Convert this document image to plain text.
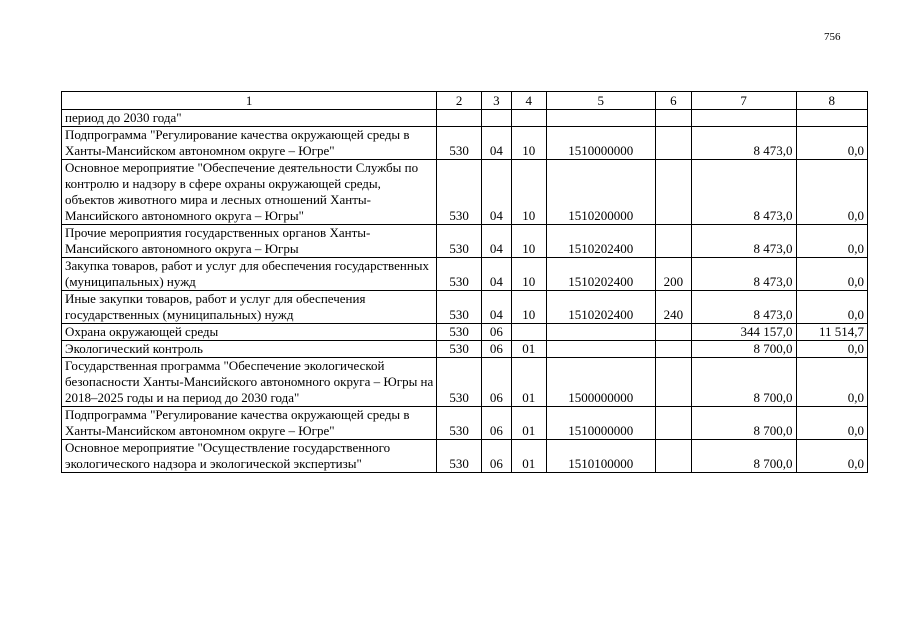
756
1	2	3	4	5	6	7	8
период до 2030 года"							
Подпрограмма "Регулирование качества окружающей среды в Ханты-Мансийском автономном округе – Югре"	530	04	10	1510000000		8 473,0	0,0
Основное мероприятие "Обеспечение деятельности Службы по контролю и надзору в сфере охраны окружающей среды, объектов животного мира и лесных отношений Ханты-Мансийского автономного округа – Югры"	530	04	10	1510200000		8 473,0	0,0
Прочие мероприятия государственных органов Ханты-Мансийского автономного округа – Югры	530	04	10	1510202400		8 473,0	0,0
Закупка товаров, работ и услуг для обеспечения государственных (муниципальных) нужд	530	04	10	1510202400	200	8 473,0	0,0
Иные закупки товаров, работ и услуг для обеспечения государственных (муниципальных) нужд	530	04	10	1510202400	240	8 473,0	0,0
Охрана окружающей среды	530	06				344 157,0	11 514,7
Экологический контроль	530	06	01			8 700,0	0,0
Государственная программа "Обеспечение экологической безопасности Ханты-Мансийского автономного округа – Югры на 2018–2025 годы и на период до 2030 года"	530	06	01	1500000000		8 700,0	0,0
Подпрограмма "Регулирование качества окружающей среды в Ханты-Мансийском автономном округе – Югре"	530	06	01	1510000000		8 700,0	0,0
Основное мероприятие "Осуществление государственного экологического надзора и экологической экспертизы"	530	06	01	1510100000		8 700,0	0,0
